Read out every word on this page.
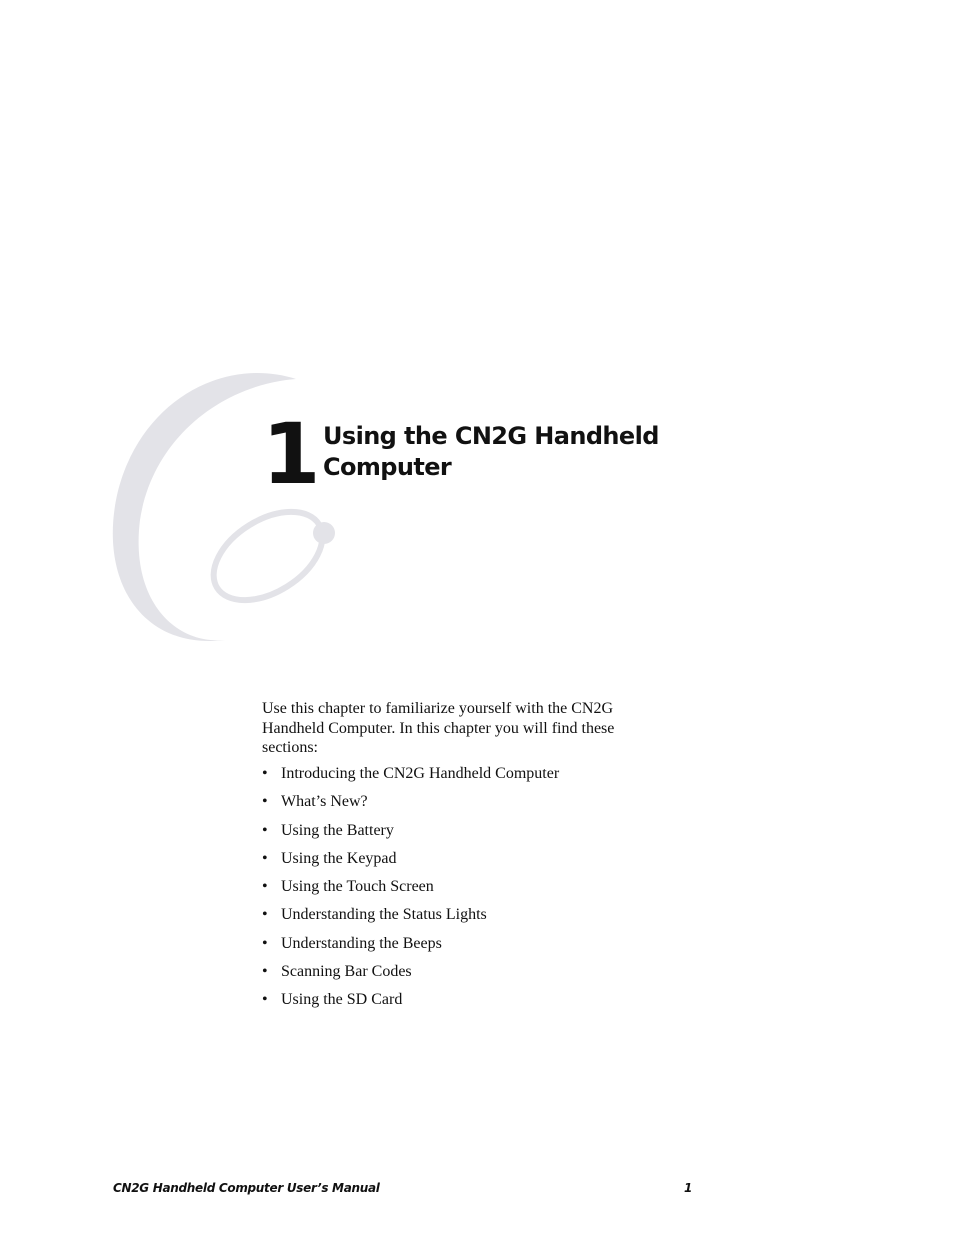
1 Using the CN2G Handheld Computer

Use this chapter to familiarize yourself with the CN2G Handheld Computer. In this chapter you will find these sections:

• Introducing the CN2G Handheld Computer
• What’s New?
• Using the Battery
• Using the Keypad
• Using the Touch Screen
• Understanding the Status Lights
• Understanding the Beeps
• Scanning Bar Codes
• Using the SD Card
CN2G Handheld Computer User’s Manual	1
